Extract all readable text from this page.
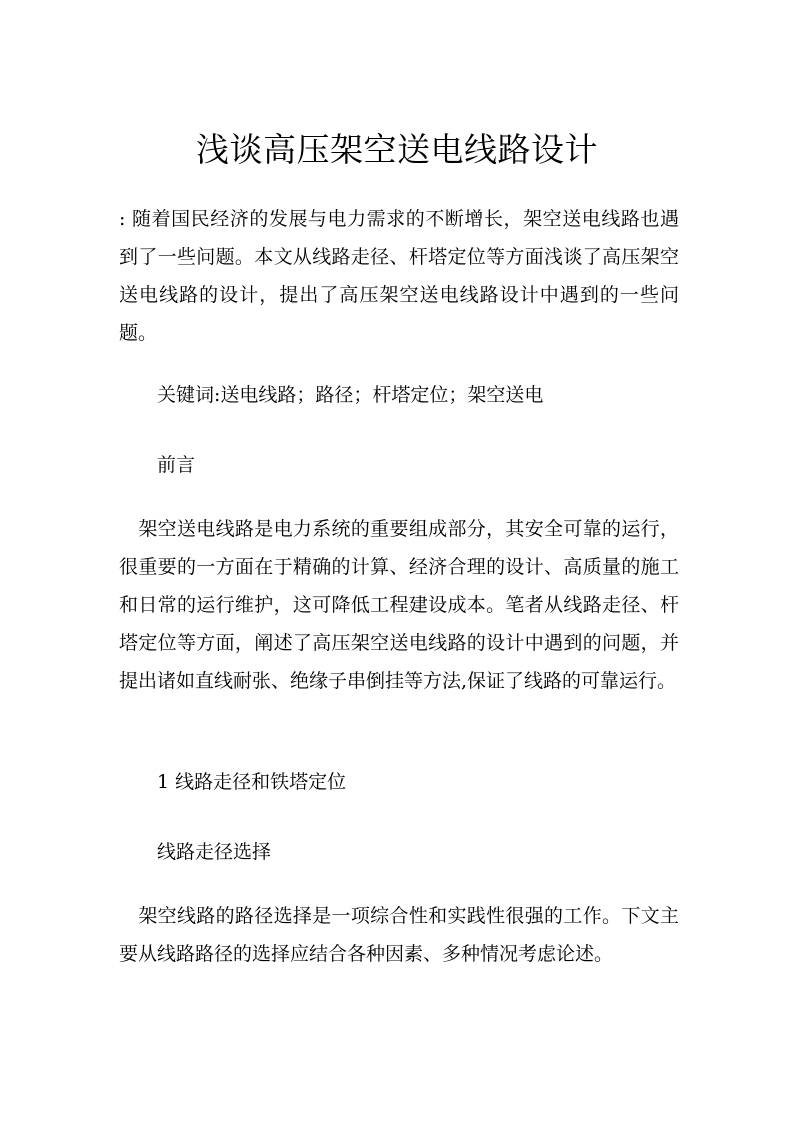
浅谈高压架空送电线路设计

: 随着国民经济的发展与电力需求的不断增长，架空送电线路也遇到了一些问题。本文从线路走径、杆塔定位等方面浅谈了高压架空送电线路的设计，提出了高压架空送电线路设计中遇到的一些问题。

关键词:送电线路；路径；杆塔定位；架空送电

前言

　架空送电线路是电力系统的重要组成部分，其安全可靠的运行，很重要的一方面在于精确的计算、经济合理的设计、高质量的施工和日常的运行维护，这可降低工程建设成本。笔者从线路走径、杆塔定位等方面，阐述了高压架空送电线路的设计中遇到的问题，并提出诸如直线耐张、绝缘子串倒挂等方法,保证了线路的可靠运行。

1 线路走径和铁塔定位

线路走径选择

　架空线路的路径选择是一项综合性和实践性很强的工作。下文主要从线路路径的选择应结合各种因素、多种情况考虑论述。
